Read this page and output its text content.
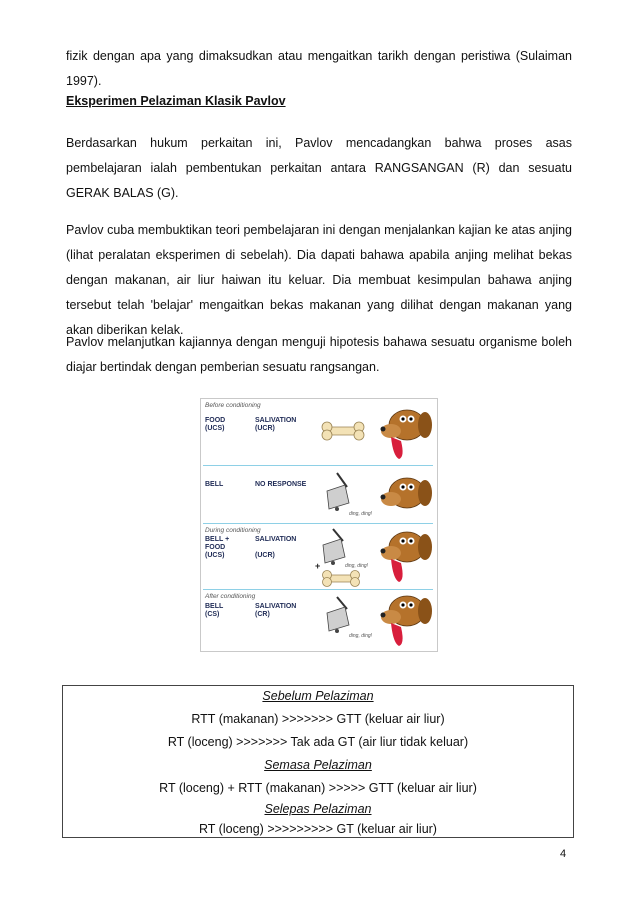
fizik dengan apa yang dimaksudkan atau mengaitkan tarikh dengan peristiwa (Sulaiman 1997).
Eksperimen Pelaziman Klasik Pavlov
Berdasarkan hukum perkaitan ini, Pavlov mencadangkan bahwa proses asas pembelajaran ialah pembentukan perkaitan antara RANGSANGAN (R) dan sesuatu GERAK BALAS (G).
Pavlov cuba membuktikan teori pembelajaran ini dengan menjalankan kajian ke atas anjing (lihat peralatan eksperimen di sebelah). Dia dapati bahawa apabila anjing melihat bekas dengan makanan, air liur haiwan itu keluar. Dia membuat kesimpulan bahawa anjing tersebut telah 'belajar' mengaitkan bekas makanan yang dilihat dengan makanan yang akan diberikan kelak.
Pavlov melanjutkan kajiannya dengan menguji hipotesis bahawa sesuatu organisme boleh diajar bertindak dengan pemberian sesuatu rangsangan.
Before conditioning
FOOD
(UCS)
SALIVATION
(UCR)
BELL	NO RESPONSE
ding, ding!
During conditioning
BELL +
FOOD
(UCS)
SALIVATION

(UCR)
ding, ding!
+
After conditioning
BELL
(CS)
SALIVATION
(CR)
ding, ding!
Sebelum Pelaziman
RTT (makanan) >>>>>>> GTT (keluar air liur)
RT (loceng) >>>>>>> Tak ada GT (air liur tidak keluar)
Semasa Pelaziman
RT (loceng) + RTT (makanan) >>>>> GTT (keluar air liur)
Selepas Pelaziman
RT (loceng) >>>>>>>>> GT (keluar air liur)
4
